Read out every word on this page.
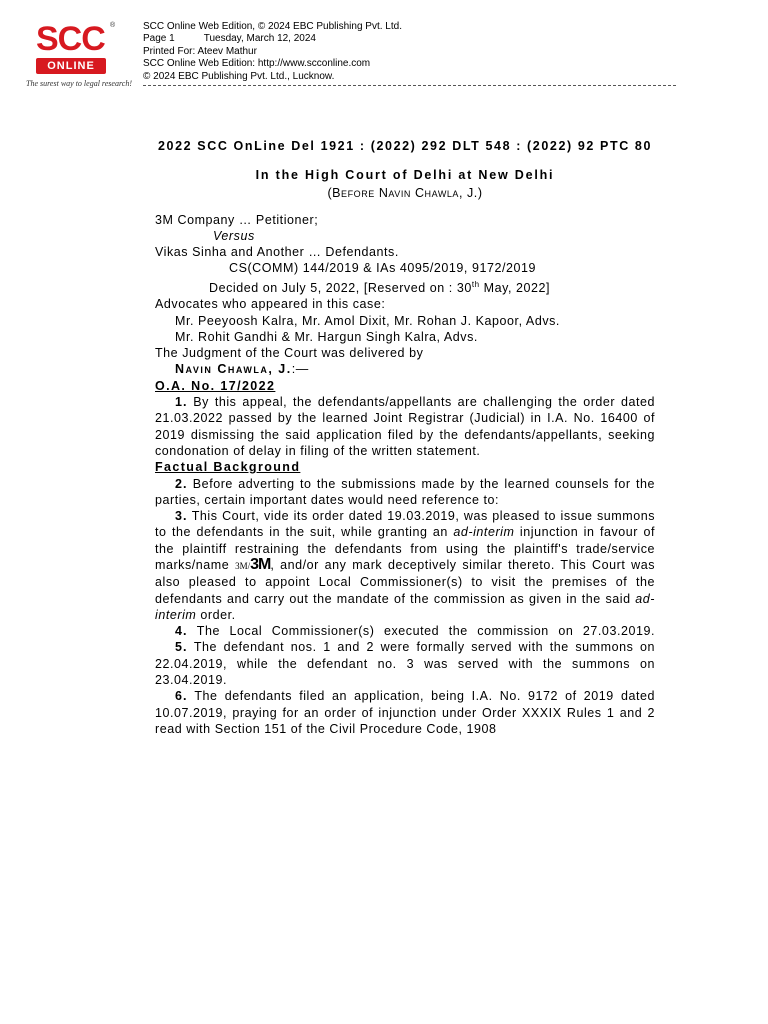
SCC ®
ONLINE
The surest way to legal research!
SCC Online Web Edition, © 2024 EBC Publishing Pvt. Ltd.
Page 1	Tuesday, March 12, 2024
Printed For: Ateev Mathur
SCC Online Web Edition: http://www.scconline.com
© 2024 EBC Publishing Pvt. Ltd., Lucknow.
2022 SCC OnLine Del 1921 : (2022) 292 DLT 548 : (2022) 92 PTC 80
In the High Court of Delhi at New Delhi
(Before Navin Chawla, J.)
3M Company … Petitioner;
Versus
Vikas Sinha and Another … Defendants.
CS(COMM) 144/2019 & IAs 4095/2019, 9172/2019
Decided on July 5, 2022, [Reserved on : 30th May, 2022]
Advocates who appeared in this case:
Mr. Peeyoosh Kalra, Mr. Amol Dixit, Mr. Rohan J. Kapoor, Advs.
Mr. Rohit Gandhi & Mr. Hargun Singh Kalra, Advs.
The Judgment of the Court was delivered by
Navin Chawla, J.:—
O.A. No. 17/2022
1. By this appeal, the defendants/appellants are challenging the order dated 21.03.2022 passed by the learned Joint Registrar (Judicial) in I.A. No. 16400 of 2019 dismissing the said application filed by the defendants/appellants, seeking condonation of delay in filing of the written statement.
Factual Background
2. Before adverting to the submissions made by the learned counsels for the parties, certain important dates would need reference to:
3. This Court, vide its order dated 19.03.2019, was pleased to issue summons to the defendants in the suit, while granting an ad-interim injunction in favour of the plaintiff restraining the defendants from using the plaintiff's trade/service marks/name 3M/3M, and/or any mark deceptively similar thereto. This Court was also pleased to appoint Local Commissioner(s) to visit the premises of the defendants and carry out the mandate of the commission as given in the said ad-interim order.
4. The Local Commissioner(s) executed the commission on 27.03.2019.
5. The defendant nos. 1 and 2 were formally served with the summons on 22.04.2019, while the defendant no. 3 was served with the summons on 23.04.2019.
6. The defendants filed an application, being I.A. No. 9172 of 2019 dated 10.07.2019, praying for an order of injunction under Order XXXIX Rules 1 and 2 read with Section 151 of the Civil Procedure Code, 1908
